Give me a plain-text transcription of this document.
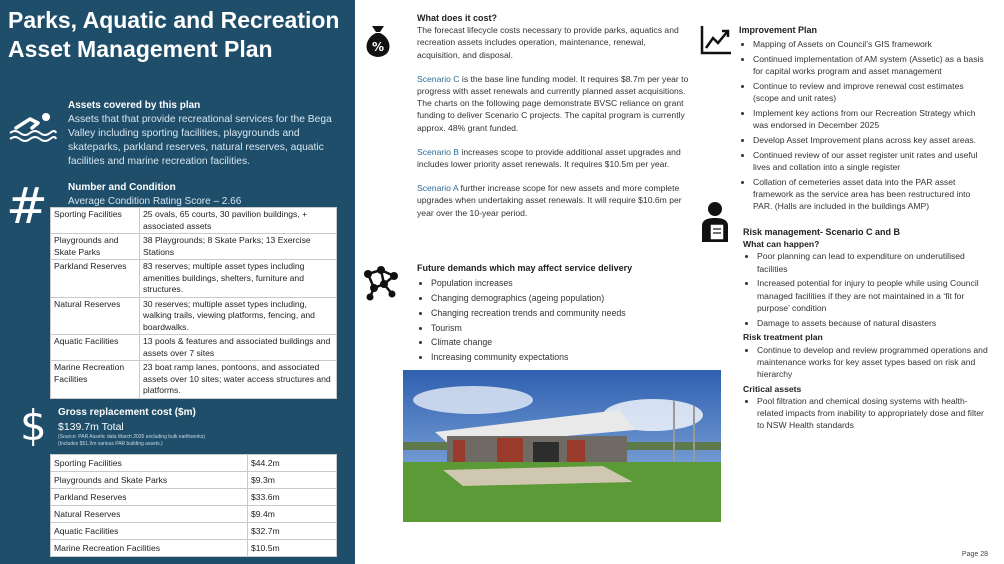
Parks, Aquatic and Recreation Asset Management Plan
Assets covered by this plan
Assets that that provide recreational services for the Bega Valley including sporting facilities, playgrounds and skateparks, parkland reserves, natural reserves, aquatic facilities and marine recreation facilities.
# Number and Condition
Average Condition Rating Score – 2.66
Sporting Facilities	25 ovals, 65 courts, 30 pavilion buildings, + associated assets
Playgrounds and Skate Parks	38 Playgrounds; 8 Skate Parks; 13 Exercise Stations
Parkland Reserves	83 reserves; multiple asset types including amenities buildings, shelters, furniture and structures.
Natural Reserves	30 reserves; multiple asset types including, walking trails, viewing platforms, fencing, and boardwalks.
Aquatic Facilities	13 pools & features and associated buildings and assets over 7 sites
Marine Recreation Facilities	23 boat ramp lanes, pontoons, and associated assets over 10 sites; water access structures and platforms.
$ Gross replacement cost ($m)
$139.7m Total
(Source: PAR Assetic data March 2026 excluding bulk earthworks)
(Includes $51.9m various PAR building assets.)
Sporting Facilities	$44.2m
Playgrounds and Skate Parks	$9.3m
Parkland Reserves	$33.6m
Natural Reserves	$9.4m
Aquatic Facilities	$32.7m
Marine Recreation Facilities	$10.5m
%
What does it cost?

The forecast lifecycle costs necessary to provide parks, aquatics and recreation assets includes operation, maintenance, renewal, acquisition, and disposal.

Scenario C is the base line funding model. It requires $8.7m per year to progress with asset renewals and currently planned asset acquisitions. The charts on the following page demonstrate BVSC reliance on grant funding to deliver Scenario C projects. The capital program is currently approx. 48% grant funded.

Scenario B increases scope to provide additional asset upgrades and includes lower priority asset renewals. It requires $10.5m per year.

Scenario A further increase scope for new assets and more complete upgrades when undertaking asset renewals. It will require $10.6m per year over the 10-year period.

Future demands which may affect service delivery
• Population increases
• Changing demographics (ageing population)
• Changing recreation trends and community needs
• Tourism
• Climate change
• Increasing community expectations
Improvement Plan
• Mapping of Assets on Council’s GIS framework
• Continued implementation of AM system (Assetic) as a basis for capital works program and asset management
• Continue to review and improve renewal cost estimates (scope and unit rates)
• Implement key actions from our Recreation Strategy which was endorsed in December 2025
• Develop Asset Improvement plans across key asset areas.
• Continued review of our asset register unit rates and useful lives and collation into a single register
• Collation of cemeteries asset data into the PAR asset framework as the service area has been restructured into PAR. (Halls are included in the buildings AMP)
Risk management- Scenario C and B
What can happen?
• Poor planning can lead to expenditure on underutilised facilities
• Increased potential for injury to people while using Council managed facilities if they are not maintained in a ‘fit for purpose’ condition
• Damage to assets because of natural disasters
Risk treatment plan
• Continue to develop and review programmed operations and maintenance works for key asset types based on risk and hierarchy
Critical assets
• Pool filtration and chemical dosing systems with health-related impacts from inability to appropriately dose and filter to NSW Health standards
Page 28
